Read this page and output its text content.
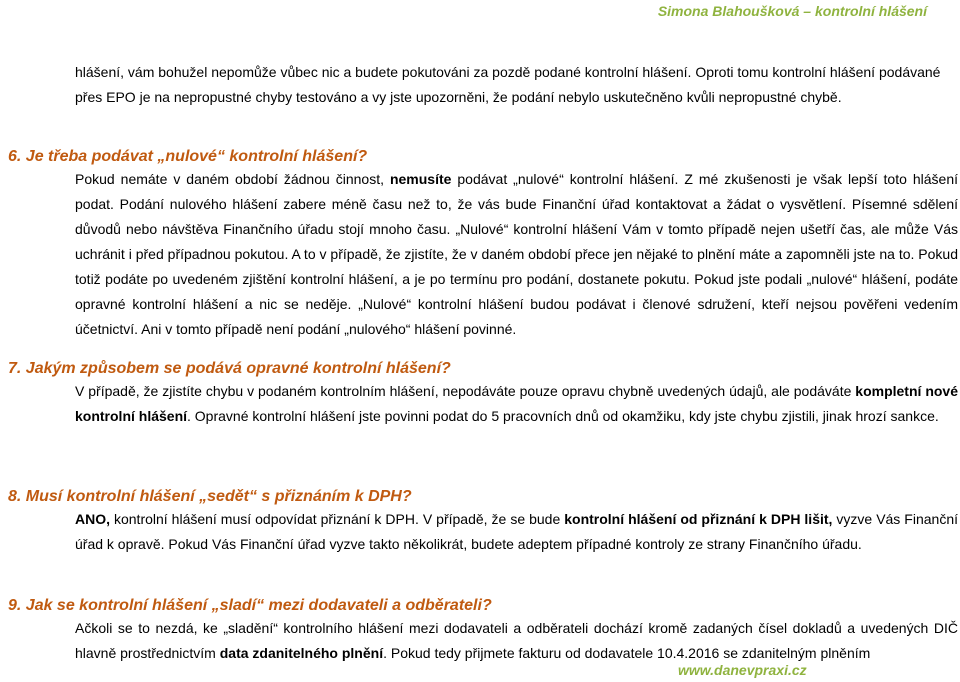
Simona Blahoušková – kontrolní hlášení
hlášení, vám bohužel nepomůže vůbec nic a budete pokutováni za pozdě podané kontrolní hlášení. Oproti tomu kontrolní hlášení podávané přes EPO je na nepropustné chyby testováno a vy jste upozorněni, že podání nebylo uskutečněno kvůli nepropustné chybě.

6. Je třeba podávat „nulové“ kontrolní hlášení?

Pokud nemáte v daném období žádnou činnost, nemusíte podávat „nulové“ kontrolní hlášení. Z mé zkušenosti je však lepší toto hlášení podat. Podání nulového hlášení zabere méně času než to, že vás bude Finanční úřad kontaktovat a žádat o vysvětlení. Písemné sdělení důvodů nebo návštěva Finančního úřadu stojí mnoho času. „Nulové“ kontrolní hlášení Vám v tomto případě nejen ušetří čas, ale může Vás uchránit i před případnou pokutou. A to v případě, že zjistíte, že v daném období přece jen nějaké to plnění máte a zapomněli jste na to. Pokud totiž podáte po uvedeném zjištění kontrolní hlášení, a je po termínu pro podání, dostanete pokutu. Pokud jste podali „nulové“ hlášení, podáte opravné kontrolní hlášení a nic se neděje. „Nulové“ kontrolní hlášení budou podávat i členové sdružení, kteří nejsou pověřeni vedením účetnictví. Ani v tomto případě není podání „nulového“ hlášení povinné.

7. Jakým způsobem se podává opravné kontrolní hlášení?

V případě, že zjistíte chybu v podaném kontrolním hlášení, nepodáváte pouze opravu chybně uvedených údajů, ale podáváte kompletní nové kontrolní hlášení. Opravné kontrolní hlášení jste povinni podat do 5 pracovních dnů od okamžiku, kdy jste chybu zjistili, jinak hrozí sankce.

8. Musí kontrolní hlášení „sedět“ s přiznáním k DPH?

ANO, kontrolní hlášení musí odpovídat přiznání k DPH. V případě, že se bude kontrolní hlášení od přiznání k DPH lišit, vyzve Vás Finanční úřad k opravě. Pokud Vás Finanční úřad vyzve takto několikrát, budete adeptem případné kontroly ze strany Finančního úřadu.

9. Jak se kontrolní hlášení „sladí“ mezi dodavateli a odběrateli?

Ačkoli se to nezdá, ke „sladění“ kontrolního hlášení mezi dodavateli a odběrateli dochází kromě zadaných čísel dokladů a uvedených DIČ hlavně prostřednictvím data zdanitelného plnění. Pokud tedy přijmete fakturu od dodavatele 10.4.2016 se zdanitelným plněním
www.danevpraxi.cz
